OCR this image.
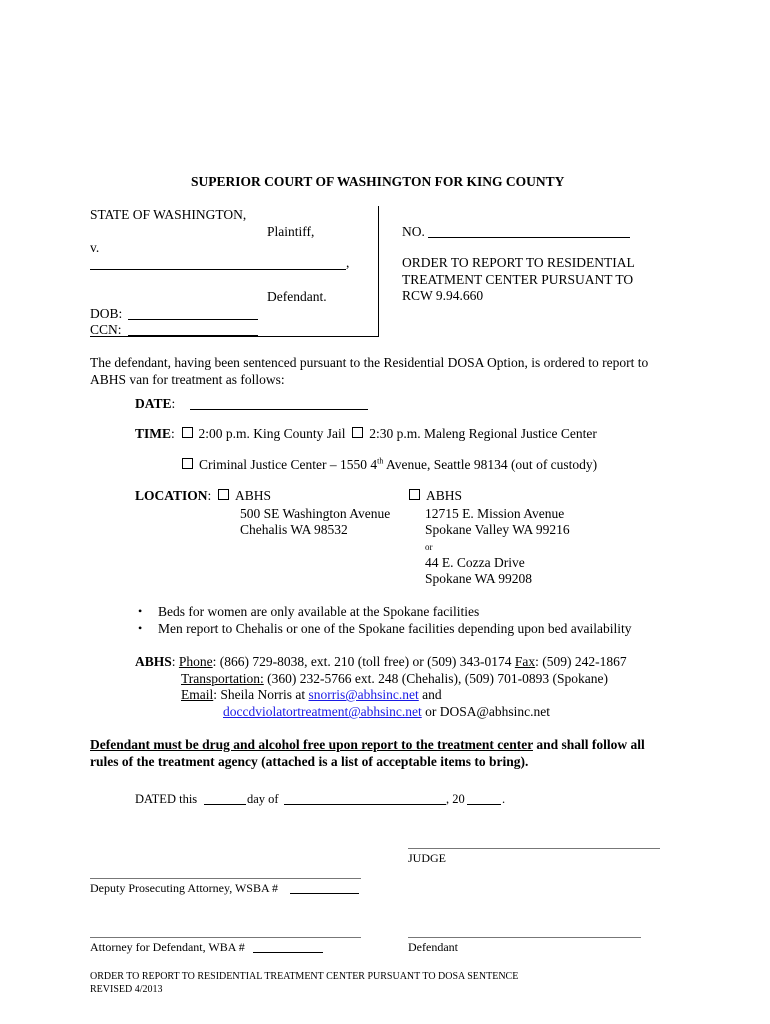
SUPERIOR COURT OF WASHINGTON FOR KING COUNTY
STATE OF WASHINGTON,
Plaintiff,
v.
,
Defendant.
DOB:
CCN:
NO.
ORDER TO REPORT TO RESIDENTIAL
TREATMENT CENTER PURSUANT TO
RCW 9.94.660
The defendant, having been sentenced pursuant to the Residential DOSA Option, is ordered to report to
ABHS van for treatment as follows:
DATE:
TIME: 2:00 p.m. King County Jail 2:30 p.m. Maleng Regional Justice Center
Criminal Justice Center – 1550 4th Avenue, Seattle 98134 (out of custody)
LOCATION: ABHS
500 SE Washington Avenue
Chehalis WA 98532
ABHS
12715 E. Mission Avenue
Spokane Valley WA 99216
or
44 E. Cozza Drive
Spokane WA 99208
• Beds for women are only available at the Spokane facilities
• Men report to Chehalis or one of the Spokane facilities depending upon bed availability
ABHS: Phone: (866) 729-8038, ext. 210 (toll free) or (509) 343-0174 Fax: (509) 242-1867
Transportation: (360) 232-5766 ext. 248 (Chehalis), (509) 701-0893 (Spokane)
Email: Sheila Norris at snorris@abhsinc.net and
doccdviolatortreatment@abhsinc.net or DOSA@abhsinc.net
Defendant must be drug and alcohol free upon report to the treatment center and shall follow all
rules of the treatment agency (attached is a list of acceptable items to bring).
DATED this	day of	, 20	.
JUDGE
Deputy Prosecuting Attorney, WSBA #
Attorney for Defendant, WBA #	Defendant
ORDER TO REPORT TO RESIDENTIAL TREATMENT CENTER PURSUANT TO DOSA SENTENCE
REVISED 4/2013
